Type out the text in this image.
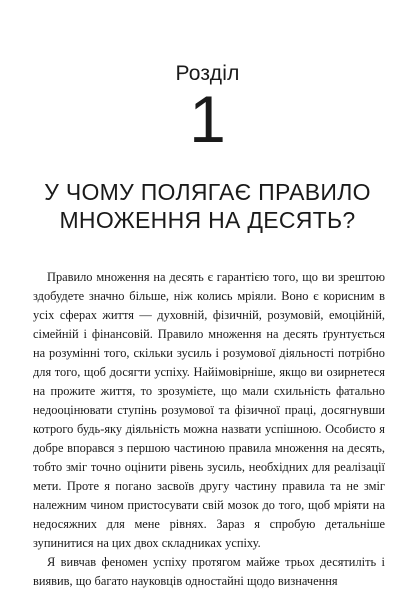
Розділ
1
У ЧОМУ ПОЛЯГАЄ ПРАВИЛО
МНОЖЕННЯ НА ДЕСЯТЬ?

Правило множення на десять є гарантією того, що ви зрештою здобудете значно більше, ніж колись мріяли. Воно є корисним в усіх сферах життя — духовній, фізичній, розумовій, емоційній, сімейній і фінансовій. Правило множення на десять ґрунтується на розумінні того, скільки зусиль і розумової діяльності потрібно для того, щоб досягти успіху. Найімовірніше, якщо ви озирнетеся на прожите життя, то зрозумієте, що мали схильність фатально недооцінювати ступінь розумової та фізичної праці, досягнувши котрого будь-яку діяльність можна назвати успішною. Особисто я добре впорався з першою частиною правила множення на десять, тобто зміг точно оцінити рівень зусиль, необхідних для реалізації мети. Проте я погано засвоїв другу частину правила та не зміг належним чином пристосувати свій мозок до того, щоб мріяти на недосяжних для мене рівнях. Зараз я спробую детальніше зупинитися на цих двох складниках успіху.

Я вивчав феномен успіху протягом майже трьох десятиліть і виявив, що багато науковців одностайні щодо визначення
